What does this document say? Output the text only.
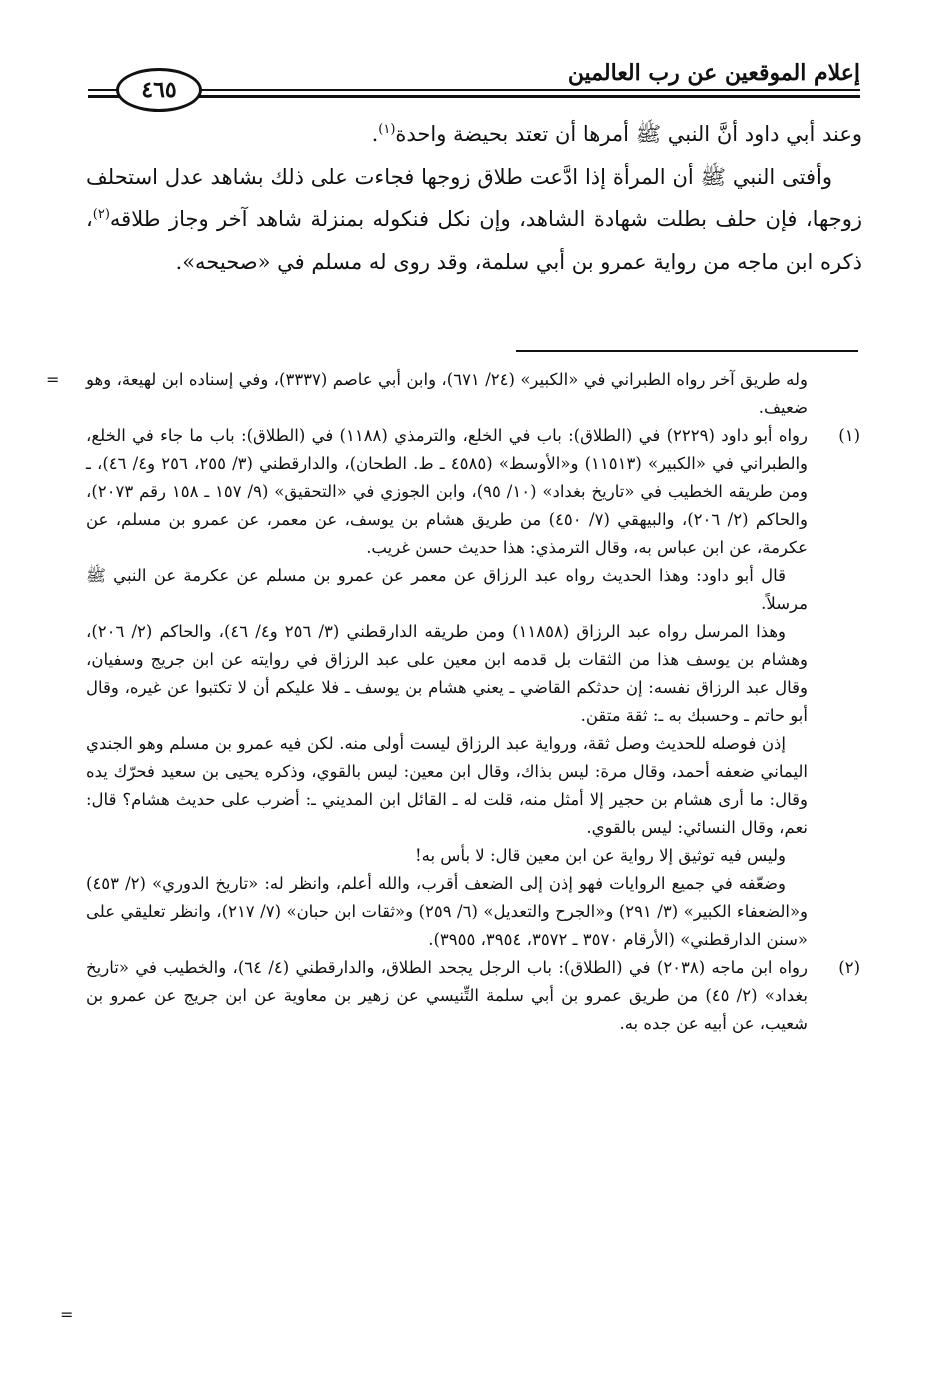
إعلام الموقعين عن رب العالمين
٤٦٥

وعند أبي داود أنَّ النبي ﷺ أمرها أن تعتد بحيضة واحدة$^{(١)}$.

وأفتى النبي ﷺ أن المرأة إذا ادَّعت طلاق زوجها فجاءت على ذلك بشاهد عدل استحلف زوجها، فإن حلف بطلت شهادة الشاهد، وإن نكل فنكوله بمنزلة شاهد آخر وجاز طلاقه$^{(٢)}$، ذكره ابن ماجه من رواية عمرو بن أبي سلمة، وقد روى له مسلم في «صحيحه».

= وله طريق آخر رواه الطبراني في «الكبير» (٢٤/ ٦٧١)، وابن أبي عاصم (٣٣٣٧)، وفي إسناده ابن لهيعة، وهو ضعيف.

(١)
رواه أبو داود (٢٢٢٩) في (الطلاق): باب في الخلع، والترمذي (١١٨٨) في (الطلاق): باب ما جاء في الخلع، والطبراني في «الكبير» (١١٥١٣) و«الأوسط» (٤٥٨٥ ـ ط. الطحان)، والدارقطني (٣/ ٢٥٥، ٢٥٦ و٤/ ٤٦)، ـ ومن طريقه الخطيب في «تاريخ بغداد» (١٠/ ٩٥)، وابن الجوزي في «التحقيق» (٩/ ١٥٧ ـ ١٥٨ رقم ٢٠٧٣)، والحاكم (٢/ ٢٠٦)، والبيهقي (٧/ ٤٥٠) من طريق هشام بن يوسف، عن معمر، عن عمرو بن مسلم، عن عكرمة، عن ابن عباس به، وقال الترمذي: هذا حديث حسن غريب.

قال أبو داود: وهذا الحديث رواه عبد الرزاق عن معمر عن عمرو بن مسلم عن عكرمة عن النبي ﷺ مرسلاً.

وهذا المرسل رواه عبد الرزاق (١١٨٥٨) ومن طريقه الدارقطني (٣/ ٢٥٦ و٤/ ٤٦)، والحاكم (٢/ ٢٠٦)، وهشام بن يوسف هذا من الثقات بل قدمه ابن معين على عبد الرزاق في روايته عن ابن جريج وسفيان، وقال عبد الرزاق نفسه: إن حدثكم القاضي ـ يعني هشام بن يوسف ـ فلا عليكم أن لا تكتبوا عن غيره، وقال أبو حاتم ـ وحسبك به ـ: ثقة متقن.

إذن فوصله للحديث وصل ثقة، ورواية عبد الرزاق ليست أولى منه. لكن فيه عمرو بن مسلم وهو الجندي اليماني ضعفه أحمد، وقال مرة: ليس بذاك، وقال ابن معين: ليس بالقوي، وذكره يحيى بن سعيد فحرّك يده وقال: ما أرى هشام بن حجير إلا أمثل منه، قلت له ـ القائل ابن المديني ـ: أضرب على حديث هشام؟ قال: نعم، وقال النسائي: ليس بالقوي.

وليس فيه توثيق إلا رواية عن ابن معين قال: لا بأس به!

وضعّفه في جميع الروايات فهو إذن إلى الضعف أقرب، والله أعلم، وانظر له: «تاريخ الدوري» (٢/ ٤٥٣) و«الضعفاء الكبير» (٣/ ٢٩١) و«الجرح والتعديل» (٦/ ٢٥٩) و«ثقات ابن حبان» (٧/ ٢١٧)، وانظر تعليقي على «سنن الدارقطني» (الأرقام ٣٥٧٠ ـ ٣٥٧٢، ٣٩٥٤، ٣٩٥٥).

(٢)
رواه ابن ماجه (٢٠٣٨) في (الطلاق): باب الرجل يجحد الطلاق، والدارقطني (٤/ ٦٤)، والخطيب في «تاريخ بغداد» (٢/ ٤٥) من طريق عمرو بن أبي سلمة التِّنيسي عن زهير بن معاوية عن ابن جريج عن عمرو بن شعيب، عن أبيه عن جده به.

=
